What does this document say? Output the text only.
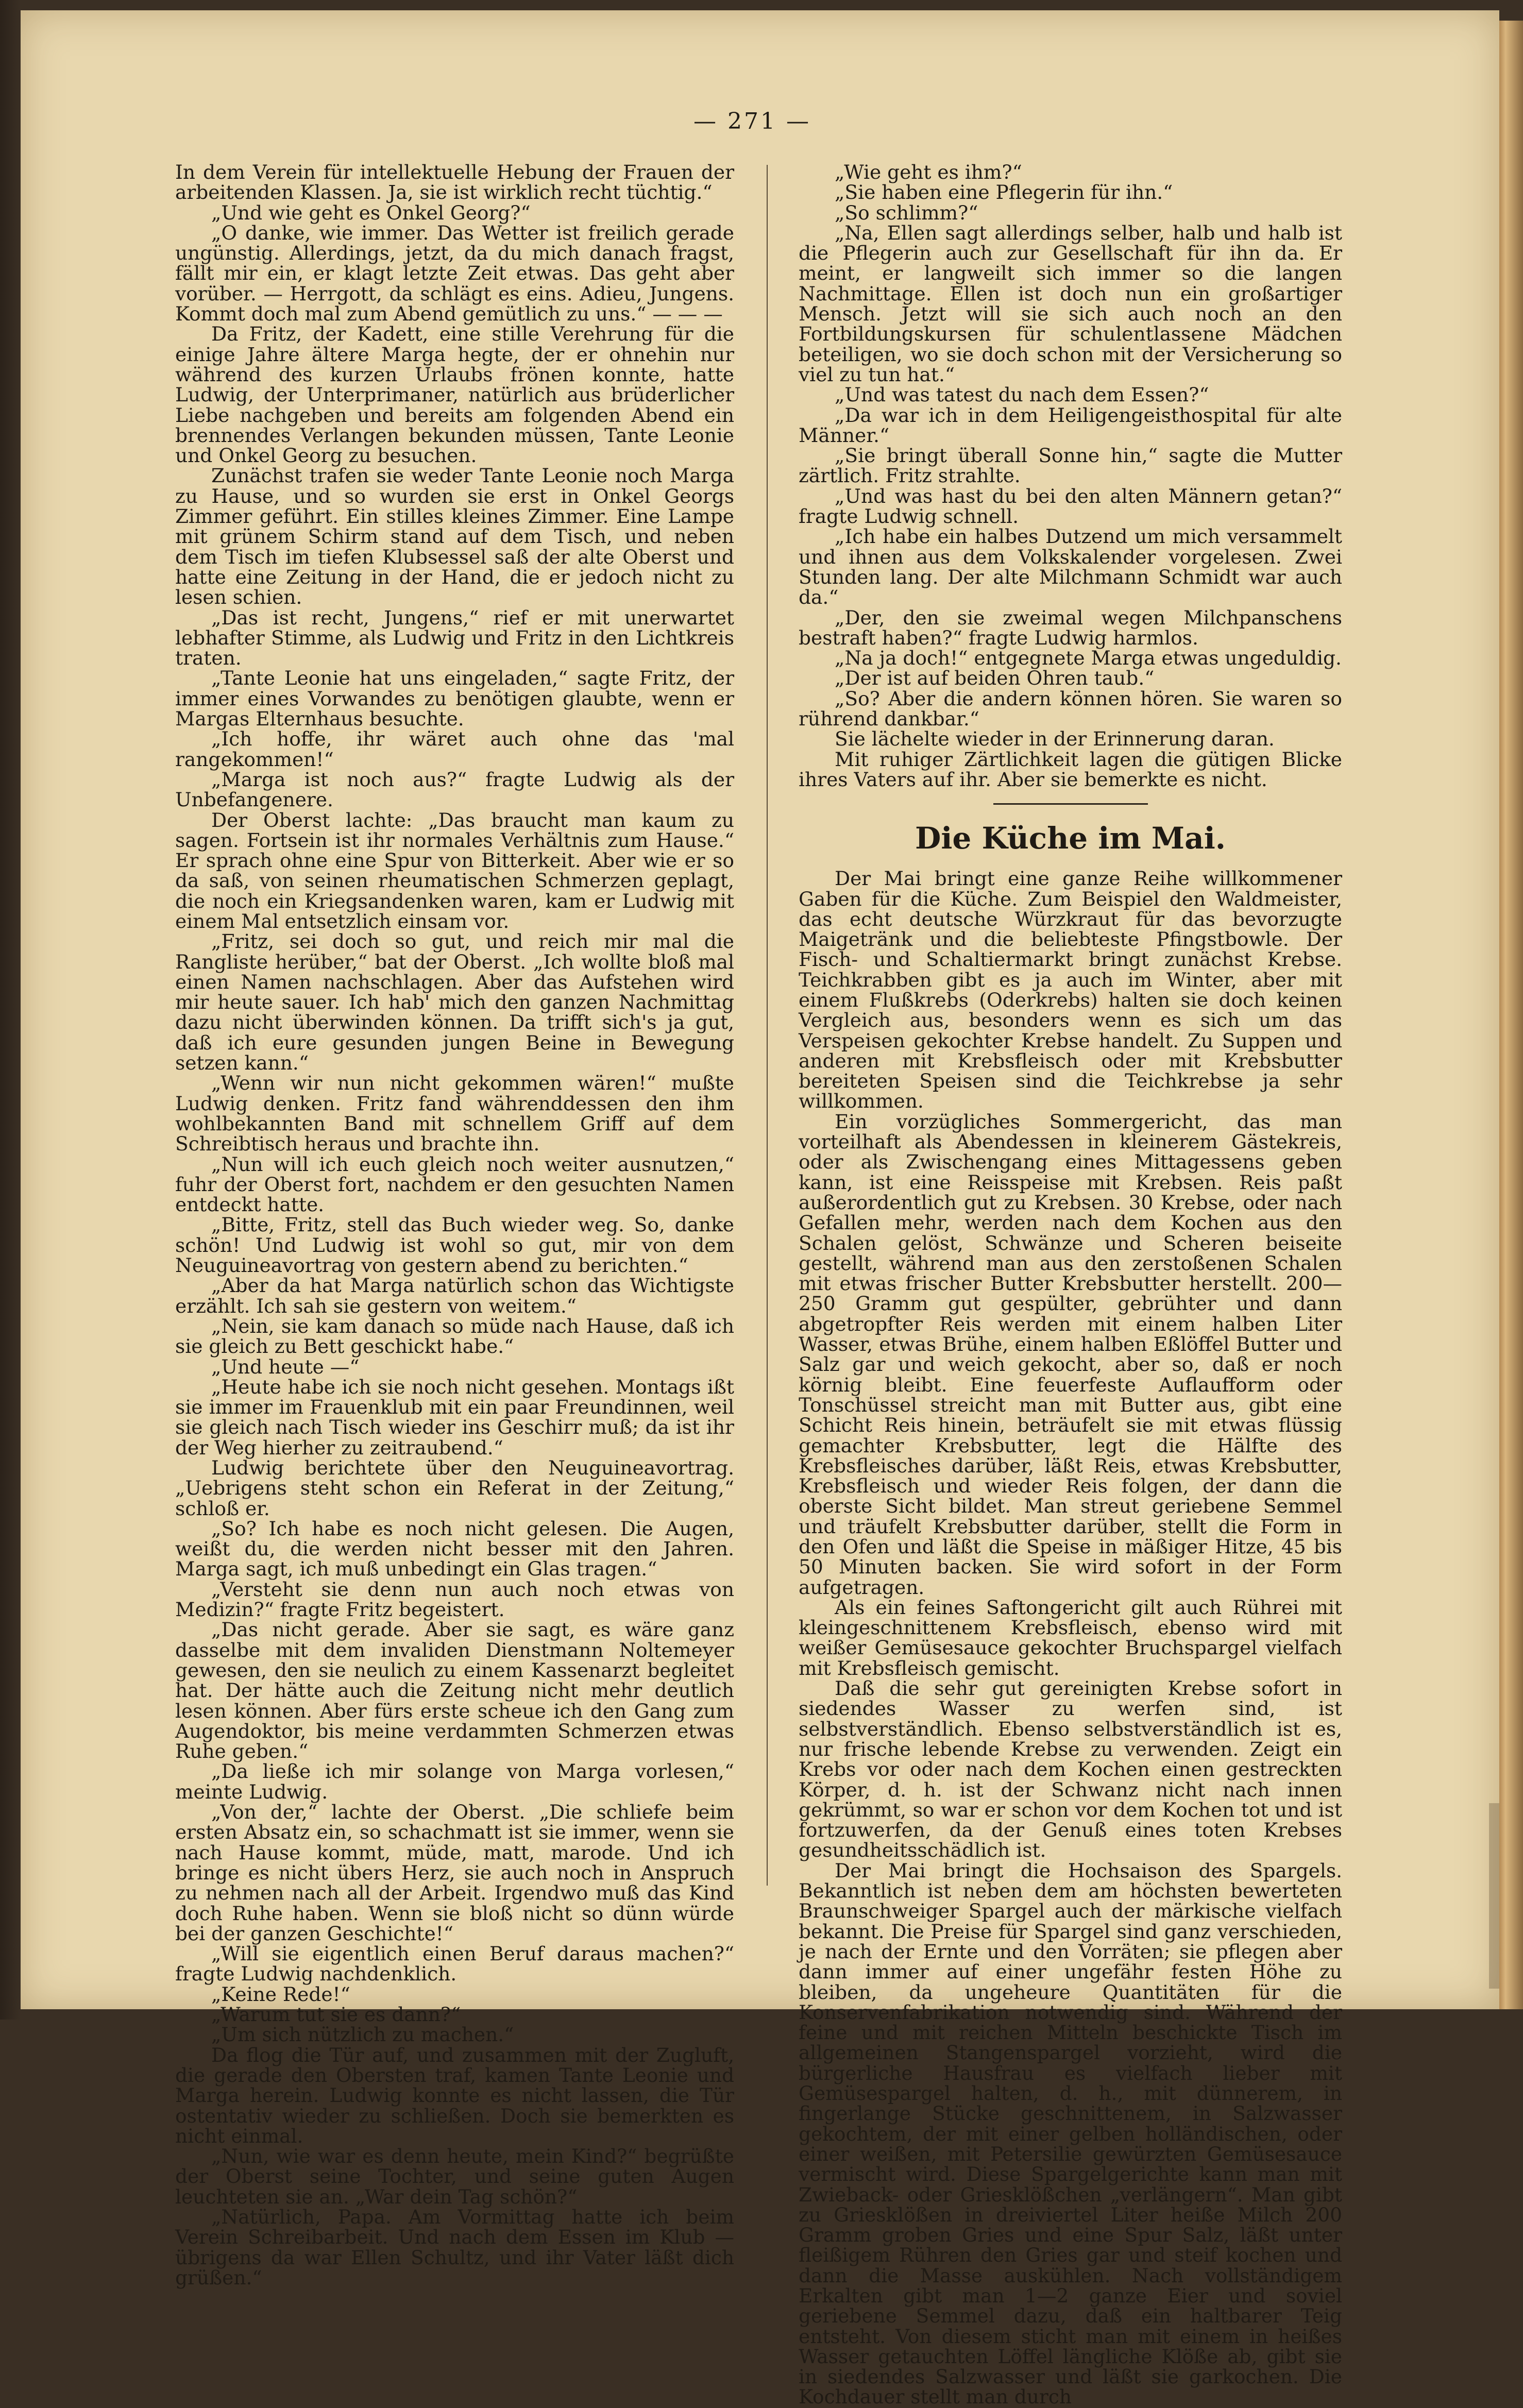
— 271 —

In dem Verein für intellektuelle Hebung der Frauen der arbeitenden Klassen. Ja, sie ist wirklich recht tüchtig.“

„Und wie geht es Onkel Georg?“

„O danke, wie immer. Das Wetter ist freilich gerade ungünstig. Allerdings, jetzt, da du mich danach fragst, fällt mir ein, er klagt letzte Zeit etwas. Das geht aber vorüber. — Herrgott, da schlägt es eins. Adieu, Jungens. Kommt doch mal zum Abend gemütlich zu uns.“ — — —

Da Fritz, der Kadett, eine stille Verehrung für die einige Jahre ältere Marga hegte, der er ohnehin nur während des kurzen Urlaubs frönen konnte, hatte Ludwig, der Unterprimaner, natürlich aus brüderlicher Liebe nachgeben und bereits am folgenden Abend ein brennendes Verlangen bekunden müssen, Tante Leonie und Onkel Georg zu besuchen.

Zunächst trafen sie weder Tante Leonie noch Marga zu Hause, und so wurden sie erst in Onkel Georgs Zimmer geführt. Ein stilles kleines Zimmer. Eine Lampe mit grünem Schirm stand auf dem Tisch, und neben dem Tisch im tiefen Klubsessel saß der alte Oberst und hatte eine Zeitung in der Hand, die er jedoch nicht zu lesen schien.

„Das ist recht, Jungens,“ rief er mit unerwartet lebhafter Stimme, als Ludwig und Fritz in den Lichtkreis traten.

„Tante Leonie hat uns eingeladen,“ sagte Fritz, der immer eines Vorwandes zu benötigen glaubte, wenn er Margas Elternhaus besuchte.

„Ich hoffe, ihr wäret auch ohne das 'mal rangekommen!“

„Marga ist noch aus?“ fragte Ludwig als der Unbefangenere.

Der Oberst lachte: „Das braucht man kaum zu sagen. Fortsein ist ihr normales Verhältnis zum Hause.“ Er sprach ohne eine Spur von Bitterkeit. Aber wie er so da saß, von seinen rheumatischen Schmerzen geplagt, die noch ein Kriegsandenken waren, kam er Ludwig mit einem Mal entsetzlich einsam vor.

„Fritz, sei doch so gut, und reich mir mal die Rangliste herüber,“ bat der Oberst. „Ich wollte bloß mal einen Namen nachschlagen. Aber das Aufstehen wird mir heute sauer. Ich hab' mich den ganzen Nachmittag dazu nicht überwinden können. Da trifft sich's ja gut, daß ich eure gesunden jungen Beine in Bewegung setzen kann.“

„Wenn wir nun nicht gekommen wären!“ mußte Ludwig denken. Fritz fand währenddessen den ihm wohlbekannten Band mit schnellem Griff auf dem Schreibtisch heraus und brachte ihn.

„Nun will ich euch gleich noch weiter ausnutzen,“ fuhr der Oberst fort, nachdem er den gesuchten Namen entdeckt hatte.

„Bitte, Fritz, stell das Buch wieder weg. So, danke schön! Und Ludwig ist wohl so gut, mir von dem Neuguineavortrag von gestern abend zu berichten.“

„Aber da hat Marga natürlich schon das Wichtigste erzählt. Ich sah sie gestern von weitem.“

„Nein, sie kam danach so müde nach Hause, daß ich sie gleich zu Bett geschickt habe.“

„Und heute —“

„Heute habe ich sie noch nicht gesehen. Montags ißt sie immer im Frauenklub mit ein paar Freundinnen, weil sie gleich nach Tisch wieder ins Geschirr muß; da ist ihr der Weg hierher zu zeitraubend.“

Ludwig berichtete über den Neuguineavortrag. „Uebrigens steht schon ein Referat in der Zeitung,“ schloß er.

„So? Ich habe es noch nicht gelesen. Die Augen, weißt du, die werden nicht besser mit den Jahren. Marga sagt, ich muß unbedingt ein Glas tragen.“

„Versteht sie denn nun auch noch etwas von Medizin?“ fragte Fritz begeistert.

„Das nicht gerade. Aber sie sagt, es wäre ganz dasselbe mit dem invaliden Dienstmann Noltemeyer gewesen, den sie neulich zu einem Kassenarzt begleitet hat. Der hätte auch die Zeitung nicht mehr deutlich lesen können. Aber fürs erste scheue ich den Gang zum Augendoktor, bis meine verdammten Schmerzen etwas Ruhe geben.“

„Da ließe ich mir solange von Marga vorlesen,“ meinte Ludwig.

„Von der,“ lachte der Oberst. „Die schliefe beim ersten Absatz ein, so schachmatt ist sie immer, wenn sie nach Hause kommt, müde, matt, marode. Und ich bringe es nicht übers Herz, sie auch noch in Anspruch zu nehmen nach all der Arbeit. Irgendwo muß das Kind doch Ruhe haben. Wenn sie bloß nicht so dünn würde bei der ganzen Geschichte!“

„Will sie eigentlich einen Beruf daraus machen?“ fragte Ludwig nachdenklich.

„Keine Rede!“

„Warum tut sie es dann?“

„Um sich nützlich zu machen.“

Da flog die Tür auf, und zusammen mit der Zugluft, die gerade den Obersten traf, kamen Tante Leonie und Marga herein. Ludwig konnte es nicht lassen, die Tür ostentativ wieder zu schließen. Doch sie bemerkten es nicht einmal.

„Nun, wie war es denn heute, mein Kind?“ begrüßte der Oberst seine Tochter, und seine guten Augen leuchteten sie an. „War dein Tag schön?“

„Natürlich, Papa. Am Vormittag hatte ich beim Verein Schreibarbeit. Und nach dem Essen im Klub — übrigens da war Ellen Schultz, und ihr Vater läßt dich grüßen.“

„Wie geht es ihm?“

„Sie haben eine Pflegerin für ihn.“

„So schlimm?“

„Na, Ellen sagt allerdings selber, halb und halb ist die Pflegerin auch zur Gesellschaft für ihn da. Er meint, er langweilt sich immer so die langen Nachmittage. Ellen ist doch nun ein großartiger Mensch. Jetzt will sie sich auch noch an den Fortbildungskursen für schulentlassene Mädchen beteiligen, wo sie doch schon mit der Versicherung so viel zu tun hat.“

„Und was tatest du nach dem Essen?“

„Da war ich in dem Heiligengeisthospital für alte Männer.“

„Sie bringt überall Sonne hin,“ sagte die Mutter zärtlich. Fritz strahlte.

„Und was hast du bei den alten Männern getan?“ fragte Ludwig schnell.

„Ich habe ein halbes Dutzend um mich versammelt und ihnen aus dem Volkskalender vorgelesen. Zwei Stunden lang. Der alte Milchmann Schmidt war auch da.“

„Der, den sie zweimal wegen Milchpanschens bestraft haben?“ fragte Ludwig harmlos.

„Na ja doch!“ entgegnete Marga etwas ungeduldig.

„Der ist auf beiden Ohren taub.“

„So? Aber die andern können hören. Sie waren so rührend dankbar.“

Sie lächelte wieder in der Erinnerung daran.

Mit ruhiger Zärtlichkeit lagen die gütigen Blicke ihres Vaters auf ihr. Aber sie bemerkte es nicht.

Die Küche im Mai.

Der Mai bringt eine ganze Reihe willkommener Gaben für die Küche. Zum Beispiel den Waldmeister, das echt deutsche Würzkraut für das bevorzugte Maigetränk und die beliebteste Pfingstbowle. Der Fisch- und Schaltiermarkt bringt zunächst Krebse. Teichkrabben gibt es ja auch im Winter, aber mit einem Flußkrebs (Oderkrebs) halten sie doch keinen Vergleich aus, besonders wenn es sich um das Verspeisen gekochter Krebse handelt. Zu Suppen und anderen mit Krebsfleisch oder mit Krebsbutter bereiteten Speisen sind die Teichkrebse ja sehr willkommen.

Ein vorzügliches Sommergericht, das man vorteilhaft als Abendessen in kleinerem Gästekreis, oder als Zwischengang eines Mittagessens geben kann, ist eine Reisspeise mit Krebsen. Reis paßt außerordentlich gut zu Krebsen. 30 Krebse, oder nach Gefallen mehr, werden nach dem Kochen aus den Schalen gelöst, Schwänze und Scheren beiseite gestellt, während man aus den zerstoßenen Schalen mit etwas frischer Butter Krebsbutter herstellt. 200—250 Gramm gut gespülter, gebrühter und dann abgetropfter Reis werden mit einem halben Liter Wasser, etwas Brühe, einem halben Eßlöffel Butter und Salz gar und weich gekocht, aber so, daß er noch körnig bleibt. Eine feuerfeste Auflaufform oder Tonschüssel streicht man mit Butter aus, gibt eine Schicht Reis hinein, beträufelt sie mit etwas flüssig gemachter Krebsbutter, legt die Hälfte des Krebsfleisches darüber, läßt Reis, etwas Krebsbutter, Krebsfleisch und wieder Reis folgen, der dann die oberste Sicht bildet. Man streut geriebene Semmel und träufelt Krebsbutter darüber, stellt die Form in den Ofen und läßt die Speise in mäßiger Hitze, 45 bis 50 Minuten backen. Sie wird sofort in der Form aufgetragen.

Als ein feines Saftongericht gilt auch Rührei mit kleingeschnittenem Krebsfleisch, ebenso wird mit weißer Gemüsesauce gekochter Bruchspargel vielfach mit Krebsfleisch gemischt.

Daß die sehr gut gereinigten Krebse sofort in siedendes Wasser zu werfen sind, ist selbstverständlich. Ebenso selbstverständlich ist es, nur frische lebende Krebse zu verwenden. Zeigt ein Krebs vor oder nach dem Kochen einen gestreckten Körper, d. h. ist der Schwanz nicht nach innen gekrümmt, so war er schon vor dem Kochen tot und ist fortzuwerfen, da der Genuß eines toten Krebses gesundheitsschädlich ist.

Der Mai bringt die Hochsaison des Spargels. Bekanntlich ist neben dem am höchsten bewerteten Braunschweiger Spargel auch der märkische vielfach bekannt. Die Preise für Spargel sind ganz verschieden, je nach der Ernte und den Vorräten; sie pflegen aber dann immer auf einer ungefähr festen Höhe zu bleiben, da ungeheure Quantitäten für die Konservenfabrikation notwendig sind. Während der feine und mit reichen Mitteln beschickte Tisch im allgemeinen Stangenspargel vorzieht, wird die bürgerliche Hausfrau es vielfach lieber mit Gemüsespargel halten, d. h., mit dünnerem, in fingerlange Stücke geschnittenem, in Salzwasser gekochtem, der mit einer gelben holländischen, oder einer weißen, mit Petersilie gewürzten Gemüsesauce vermischt wird. Diese Spargelgerichte kann man mit Zwieback- oder Griesklößchen „verlängern“. Man gibt zu Griesklößen in dreiviertel Liter heiße Milch 200 Gramm groben Gries und eine Spur Salz, läßt unter fleißigem Rühren den Gries gar und steif kochen und dann die Masse auskühlen. Nach vollständigem Erkalten gibt man 1—2 ganze Eier und soviel geriebene Semmel dazu, daß ein haltbarer Teig entsteht. Von diesem sticht man mit einem in heißes Wasser getauchten Löffel längliche Klöße ab, gibt sie in siedendes Salzwasser und läßt sie garkochen. Die Kochdauer stellt man durch
